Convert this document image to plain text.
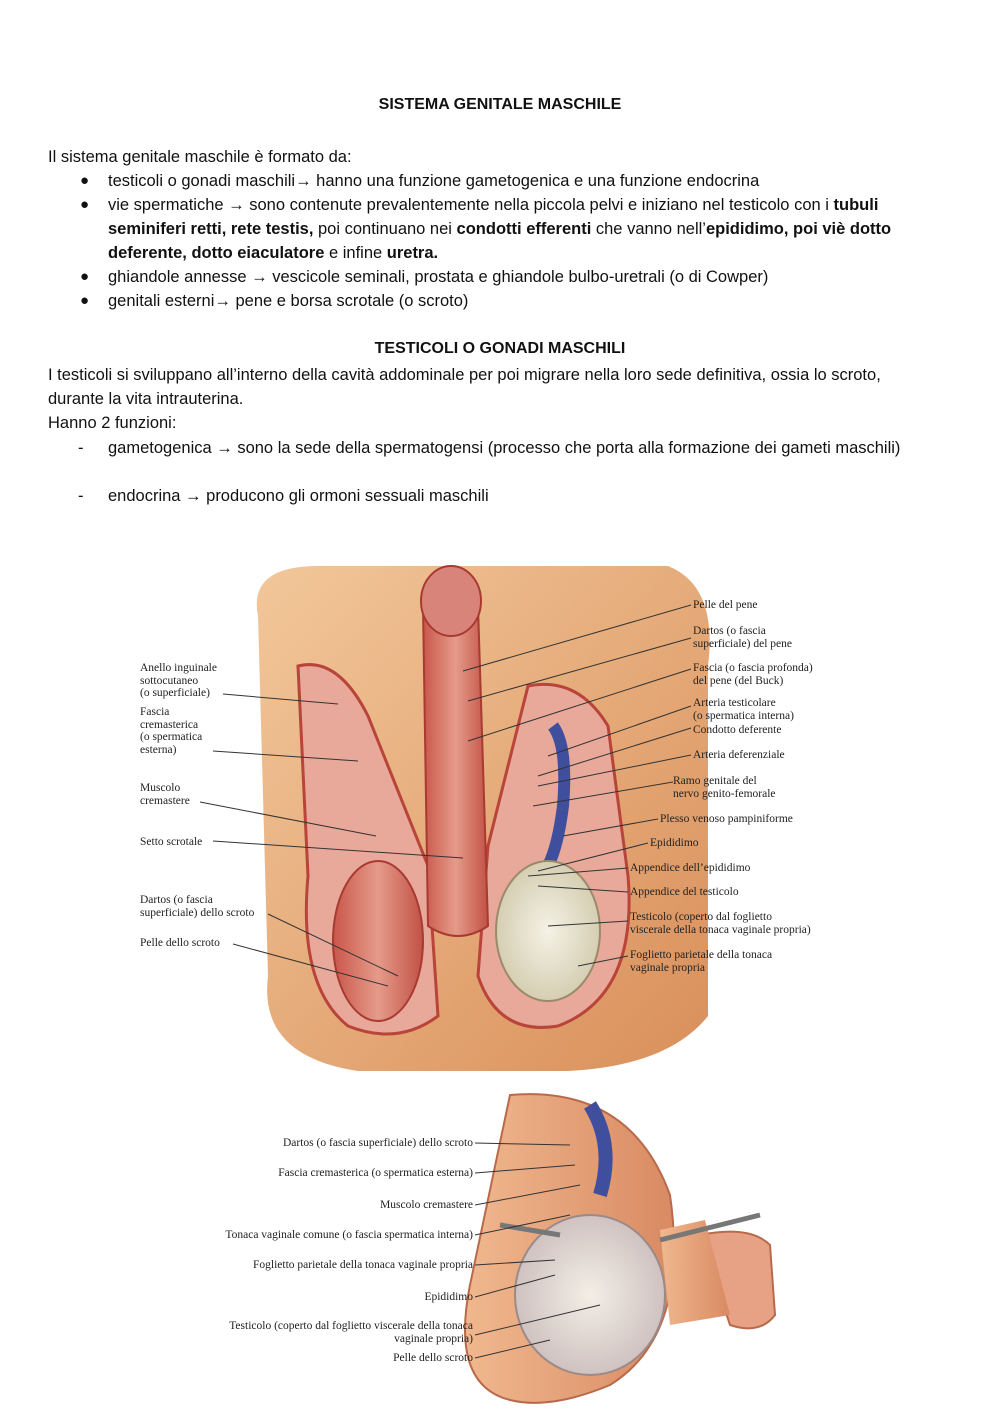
SISTEMA GENITALE MASCHILE
Il sistema genitale maschile è formato da:
● testicoli o gonadi maschili→ hanno una funzione gametogenica e una funzione endocrina
● vie spermatiche → sono contenute prevalentemente nella piccola pelvi e iniziano nel testicolo con i tubuli seminiferi retti, rete testis, poi continuano nei condotti efferenti che vanno nell’epididimo, poi viè dotto deferente, dotto eiaculatore e infine uretra.
● ghiandole annesse → vescicole seminali, prostata e ghiandole bulbo-uretrali (o di Cowper)
● genitali esterni→ pene e borsa scrotale (o scroto)
TESTICOLI O GONADI MASCHILI
I testicoli si sviluppano all’interno della cavità addominale per poi migrare nella loro sede definitiva, ossia lo scroto, durante la vita intrauterina.
Hanno 2 funzioni:
- gametogenica → sono la sede della spermatogensi (processo che porta alla formazione dei gameti maschili)
- endocrina → producono gli ormoni sessuali maschili
Anello inguinale
sottocutaneo
(o superficiale)
Fascia
cremasterica
(o spermatica
esterna)
Muscolo
cremastere
Setto scrotale
Dartos (o fascia
superficiale) dello scroto
Pelle dello scroto
Pelle del pene
Dartos (o fascia
superficiale) del pene
Fascia (o fascia profonda)
del pene (del Buck)
Arteria testicolare
(o spermatica interna)
Condotto deferente
Arteria deferenziale
Ramo genitale del
nervo genito-femorale
Plesso venoso pampiniforme
Epididimo
Appendice dell’epididimo
Appendice del testicolo
Testicolo (coperto dal foglietto
viscerale della tonaca vaginale propria)
Foglietto parietale della tonaca
vaginale propria
Dartos (o fascia superficiale) dello scroto
Fascia cremasterica (o spermatica esterna)
Muscolo cremastere
Tonaca vaginale comune (o fascia spermatica interna)
Foglietto parietale della tonaca vaginale propria
Epididimo
Testicolo (coperto dal foglietto viscerale della tonaca
vaginale propria)
Pelle dello scroto
